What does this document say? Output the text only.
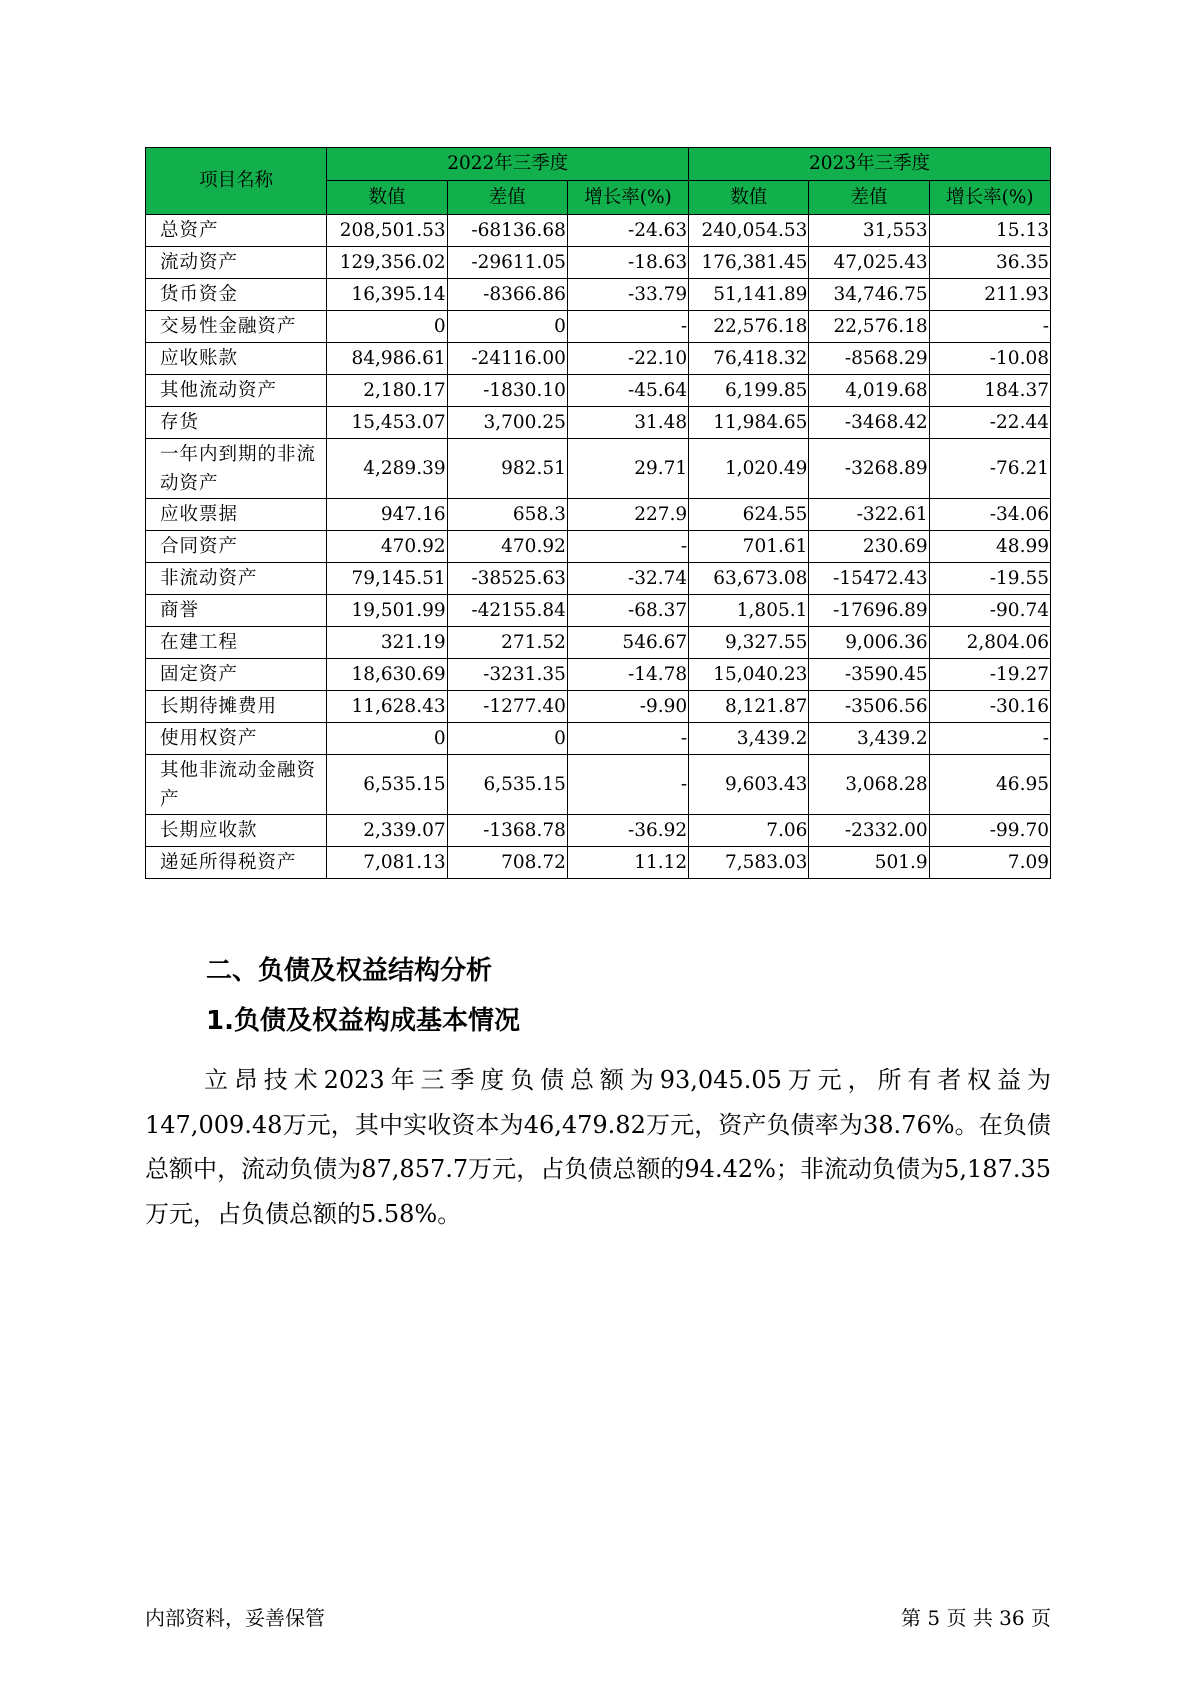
项目名称	2022年三季度			2023年三季度		
	数值	差值	增长率(%)	数值	差值	增长率(%)
总资产	208,501.53	-68136.68	-24.63	240,054.53	31,553	15.13
流动资产	129,356.02	-29611.05	-18.63	176,381.45	47,025.43	36.35
货币资金	16,395.14	-8366.86	-33.79	51,141.89	34,746.75	211.93
交易性金融资产	0	0	-	22,576.18	22,576.18	-
应收账款	84,986.61	-24116.00	-22.10	76,418.32	-8568.29	-10.08
其他流动资产	2,180.17	-1830.10	-45.64	6,199.85	4,019.68	184.37
存货	15,453.07	3,700.25	31.48	11,984.65	-3468.42	-22.44
一年内到期的非流动资产	4,289.39	982.51	29.71	1,020.49	-3268.89	-76.21
应收票据	947.16	658.3	227.9	624.55	-322.61	-34.06
合同资产	470.92	470.92	-	701.61	230.69	48.99
非流动资产	79,145.51	-38525.63	-32.74	63,673.08	-15472.43	-19.55
商誉	19,501.99	-42155.84	-68.37	1,805.1	-17696.89	-90.74
在建工程	321.19	271.52	546.67	9,327.55	9,006.36	2,804.06
固定资产	18,630.69	-3231.35	-14.78	15,040.23	-3590.45	-19.27
长期待摊费用	11,628.43	-1277.40	-9.90	8,121.87	-3506.56	-30.16
使用权资产	0	0	-	3,439.2	3,439.2	-
其他非流动金融资产	6,535.15	6,535.15	-	9,603.43	3,068.28	46.95
长期应收款	2,339.07	-1368.78	-36.92	7.06	-2332.00	-99.70
递延所得税资产	7,081.13	708.72	11.12	7,583.03	501.9	7.09
二、负债及权益结构分析
1.负债及权益构成基本情况

立昂技术2023年三季度负债总额为93,045.05万元，所有者权益为147,009.48万元，其中实收资本为46,479.82万元，资产负债率为38.76%。在负债总额中，流动负债为87,857.7万元，占负债总额的94.42%；非流动负债为5,187.35万元，占负债总额的5.58%。

内部资料，妥善保管	第 5 页 共 36 页
